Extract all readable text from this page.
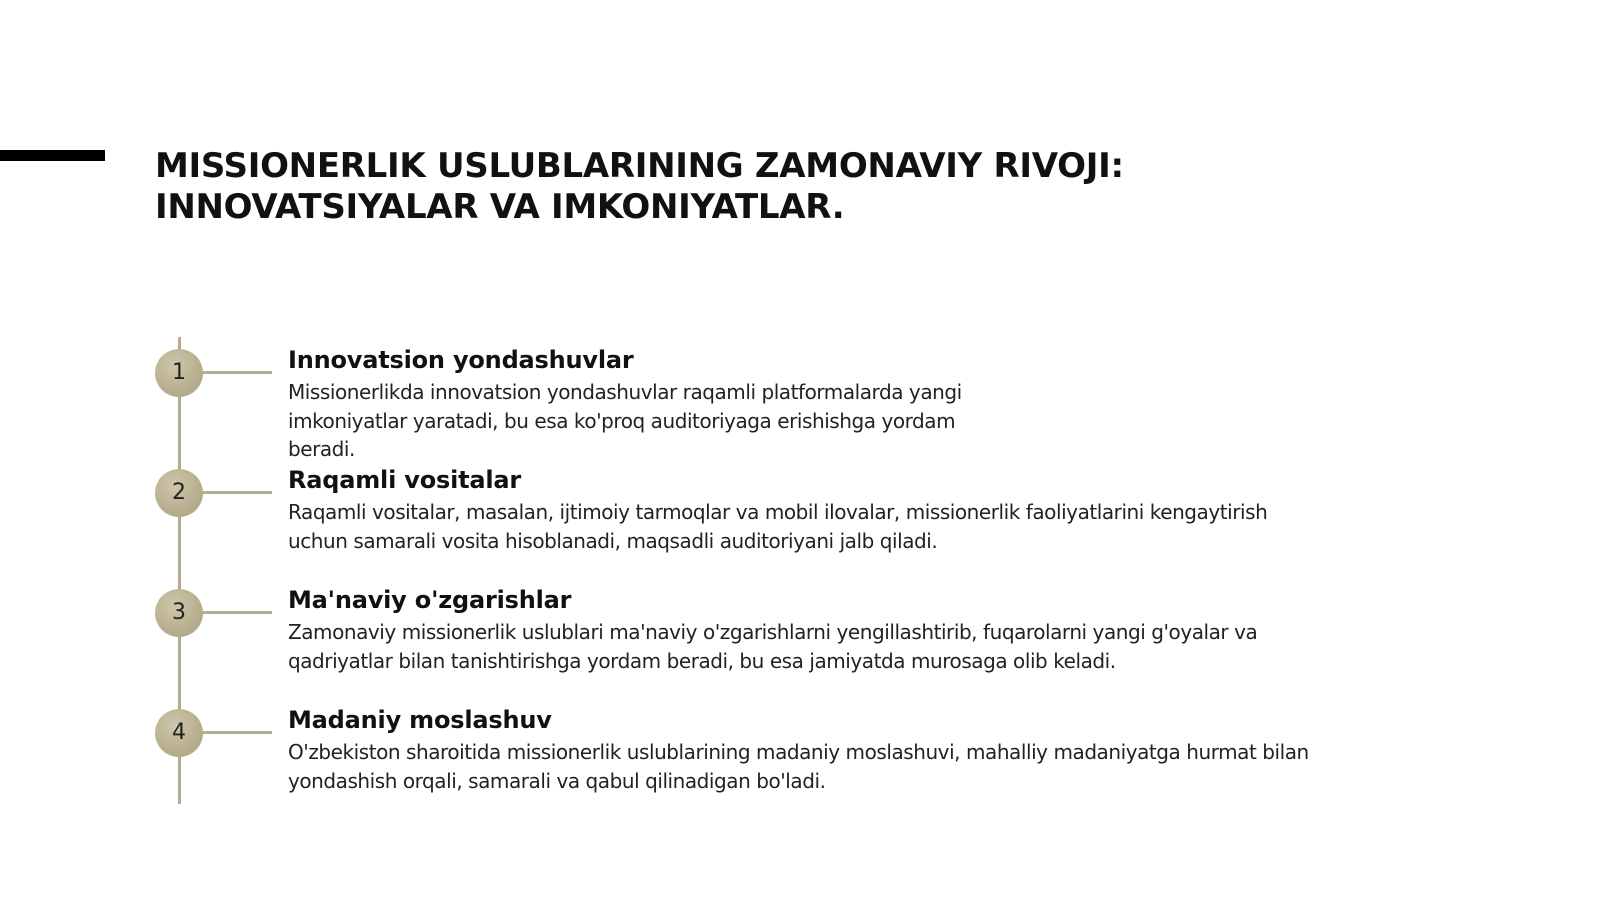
MISSIONERLIK USLUBLARINING ZAMONAVIY RIVOJI:
INNOVATSIYALAR VA IMKONIYATLAR.
1	Innovatsion yondashuvlar
Missionerlikda innovatsion yondashuvlar raqamli platformalarda yangi
imkoniyatlar yaratadi, bu esa ko'proq auditoriyaga erishishga yordam
beradi.
2	Raqamli vositalar
Raqamli vositalar, masalan, ijtimoiy tarmoqlar va mobil ilovalar, missionerlik faoliyatlarini kengaytirish
uchun samarali vosita hisoblanadi, maqsadli auditoriyani jalb qiladi.
3	Ma'naviy o'zgarishlar
Zamonaviy missionerlik uslublari ma'naviy o'zgarishlarni yengillashtirib, fuqarolarni yangi g'oyalar va
qadriyatlar bilan tanishtirishga yordam beradi, bu esa jamiyatda murosaga olib keladi.
4	Madaniy moslashuv
O'zbekiston sharoitida missionerlik uslublarining madaniy moslashuvi, mahalliy madaniyatga hurmat bilan
yondashish orqali, samarali va qabul qilinadigan bo'ladi.
